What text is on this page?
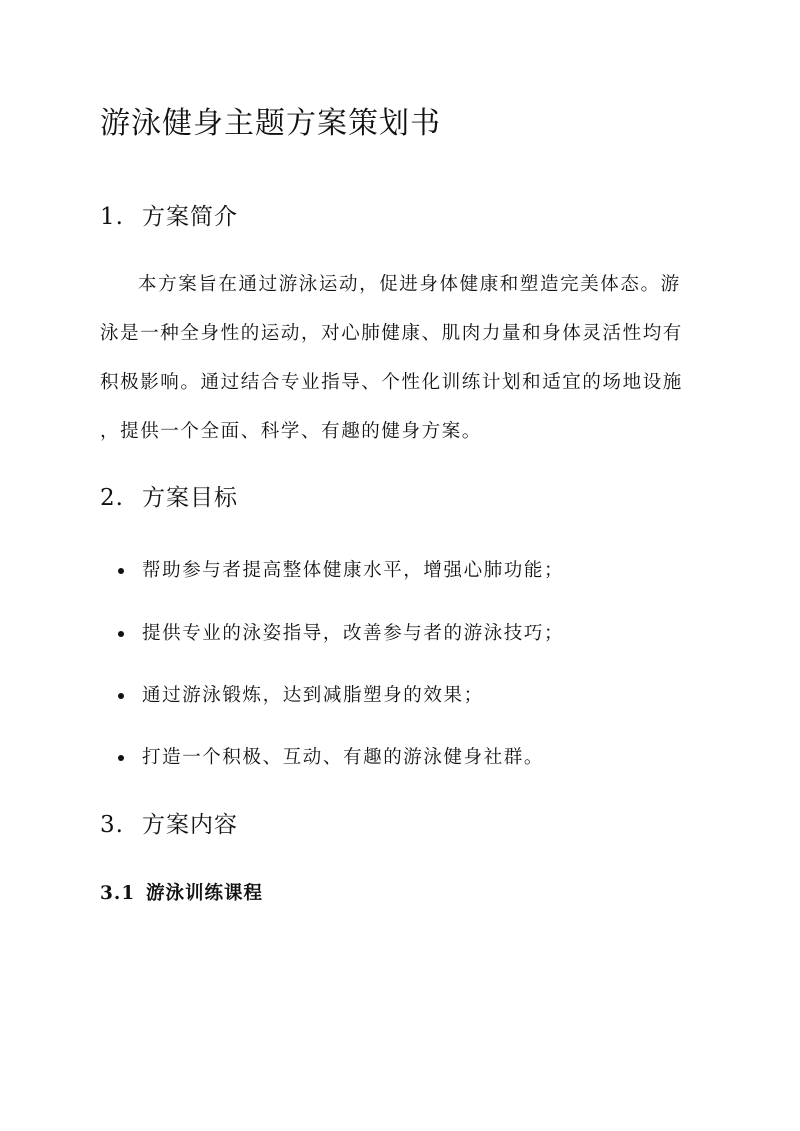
游泳健身主题方案策划书
1. 方案简介
本方案旨在通过游泳运动，促进身体健康和塑造完美体态。游
泳是一种全身性的运动，对心肺健康、肌肉力量和身体灵活性均有
积极影响。通过结合专业指导、个性化训练计划和适宜的场地设施
，提供一个全面、科学、有趣的健身方案。
2. 方案目标
帮助参与者提高整体健康水平，增强心肺功能；
提供专业的泳姿指导，改善参与者的游泳技巧；
通过游泳锻炼，达到减脂塑身的效果；
打造一个积极、互动、有趣的游泳健身社群。
3. 方案内容
3.1 游泳训练课程
